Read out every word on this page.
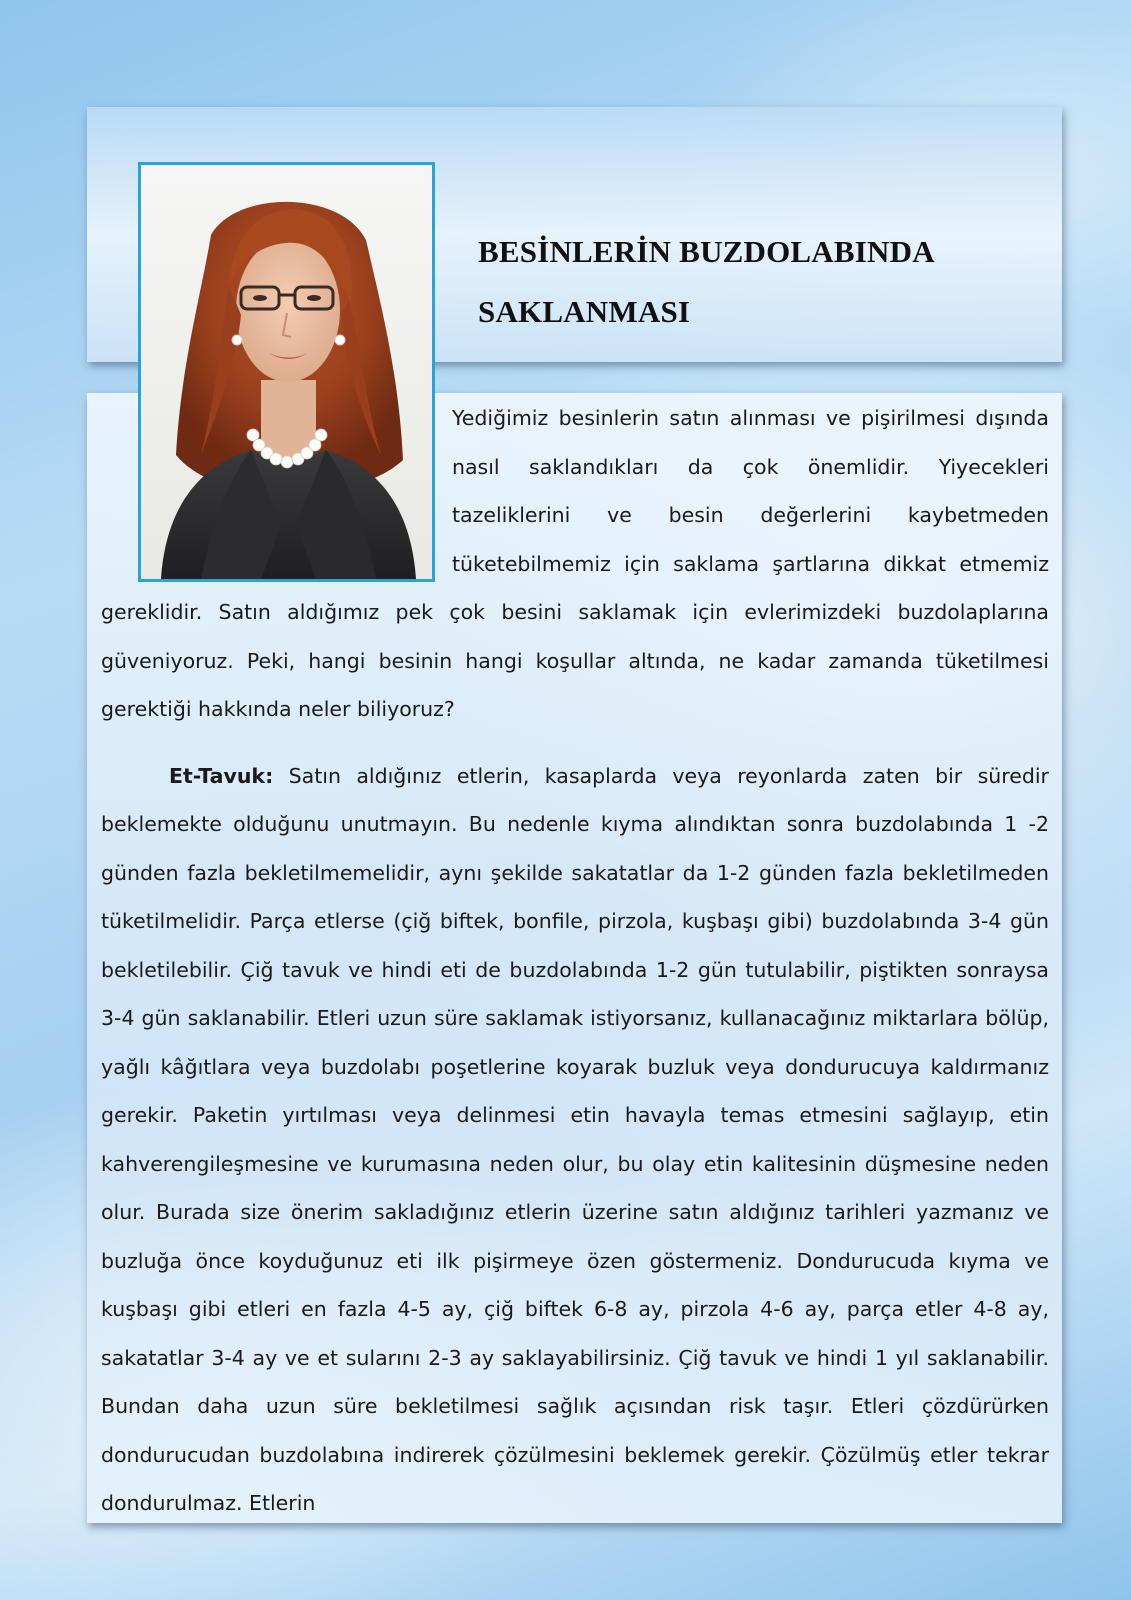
BESİNLERİN BUZDOLABINDA SAKLANMASI

Yediğimiz besinlerin satın alınması ve pişirilmesi dışında nasıl saklandıkları da çok önemlidir. Yiyecekleri tazeliklerini ve besin değerlerini kaybetmeden tüketebilmemiz için saklama şartlarına dikkat etmemiz gereklidir. Satın aldığımız pek çok besini saklamak için evlerimizdeki buzdolaplarına güveniyoruz. Peki, hangi besinin hangi koşullar altında, ne kadar zamanda tüketilmesi gerektiği hakkında neler biliyoruz?

Et-Tavuk: Satın aldığınız etlerin, kasaplarda veya reyonlarda zaten bir süredir beklemekte olduğunu unutmayın. Bu nedenle kıyma alındıktan sonra buzdolabında 1 -2 günden fazla bekletilmemelidir, aynı şekilde sakatatlar da 1-2 günden fazla bekletilmeden tüketilmelidir. Parça etlerse (çiğ biftek, bonfile, pirzola, kuşbaşı gibi) buzdolabında 3-4 gün bekletilebilir. Çiğ tavuk ve hindi eti de buzdolabında 1-2 gün tutulabilir, piştikten sonraysa 3-4 gün saklanabilir. Etleri uzun süre saklamak istiyorsanız, kullanacağınız miktarlara bölüp, yağlı kâğıtlara veya buzdolabı poşetlerine koyarak buzluk veya dondurucuya kaldırmanız gerekir. Paketin yırtılması veya delinmesi etin havayla temas etmesini sağlayıp, etin kahverengileşmesine ve kurumasına neden olur, bu olay etin kalitesinin düşmesine neden olur. Burada size önerim sakladığınız etlerin üzerine satın aldığınız tarihleri yazmanız ve buzluğa önce koyduğunuz eti ilk pişirmeye özen göstermeniz. Dondurucuda kıyma ve kuşbaşı gibi etleri en fazla 4-5 ay, çiğ biftek 6-8 ay, pirzola 4-6 ay, parça etler 4-8 ay, sakatatlar 3-4 ay ve et sularını 2-3 ay saklayabilirsiniz. Çiğ tavuk ve hindi 1 yıl saklanabilir. Bundan daha uzun süre bekletilmesi sağlık açısından risk taşır. Etleri çözdürürken dondurucudan buzdolabına indirerek çözülmesini beklemek gerekir. Çözülmüş etler tekrar dondurulmaz. Etlerin
